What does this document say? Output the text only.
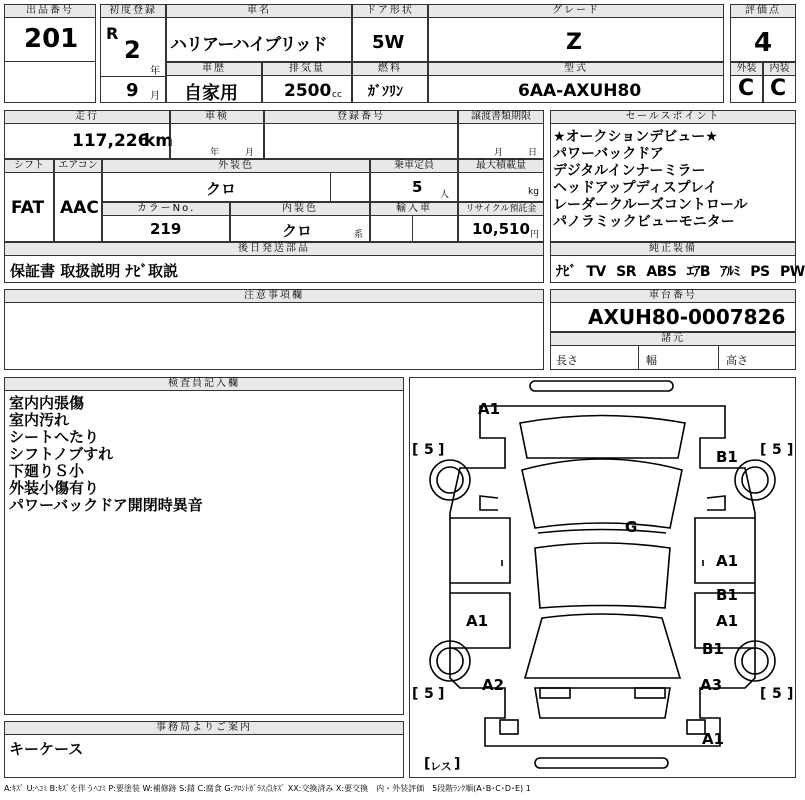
出品番号
201
初度登録
R
2
年
9 月
車名
ハリアーハイブリッド
ドア形状
5W
グレード
Z
評価点
4
車歴
自家用
排気量
2500 cc
燃料
ｶﾞｿﾘﾝ
型式
6AA-AXUH80
外装	内装
C C
走行
117,226
km
車検
年	月
登録番号	譲渡書類期限
月	日
シフト	エアコン
FAT AAC
外装色
クロ
乗車定員
5 人
最大積載量
kg
カラーNo.
219
内装色
クロ	系
輸入車	リサイクル預託金
10,510 円
後日発送部品
保証書 取扱説明 ﾅﾋﾞ取説
セールスポイント
★オークションデビュー★
パワーバックドア
デジタルインナーミラー
ヘッドアップディスプレイ
レーダークルーズコントロール
パノラミックビューモニター
純正装備
ﾅﾋﾞ TV SR ABS ｴｱB ｱﾙﾐ PS PW
注意事項欄	車台番号
AXUH80-0007826
諸元
長さ	幅	高さ
検査員記入欄
室内内張傷
室内汚れ
シートへたり
シフトノブすれ
下廻りＳ小
外装小傷有り
パワーバックドア開閉時異音
事務局よりご案内
キーケース
[ ]	[ ]
[ ]	[ ]
[ ]
5	5
5	5
レス
A1
B1
G
A1
B1
A1
A1
B1
A2	A3
A1
A:ｷｽﾞ U:ﾍｺﾐ B:ｷｽﾞを伴うﾍｺﾐ P:要塗装 W:補修跡 S:錆 C:腐食 G:ﾌﾛﾝﾄｶﾞﾗｽ点ｷｽﾞ XX:交換済み X:要交換　内・外装評価　5段階ﾗﾝｸ順(A･B･C･D･E) 1
